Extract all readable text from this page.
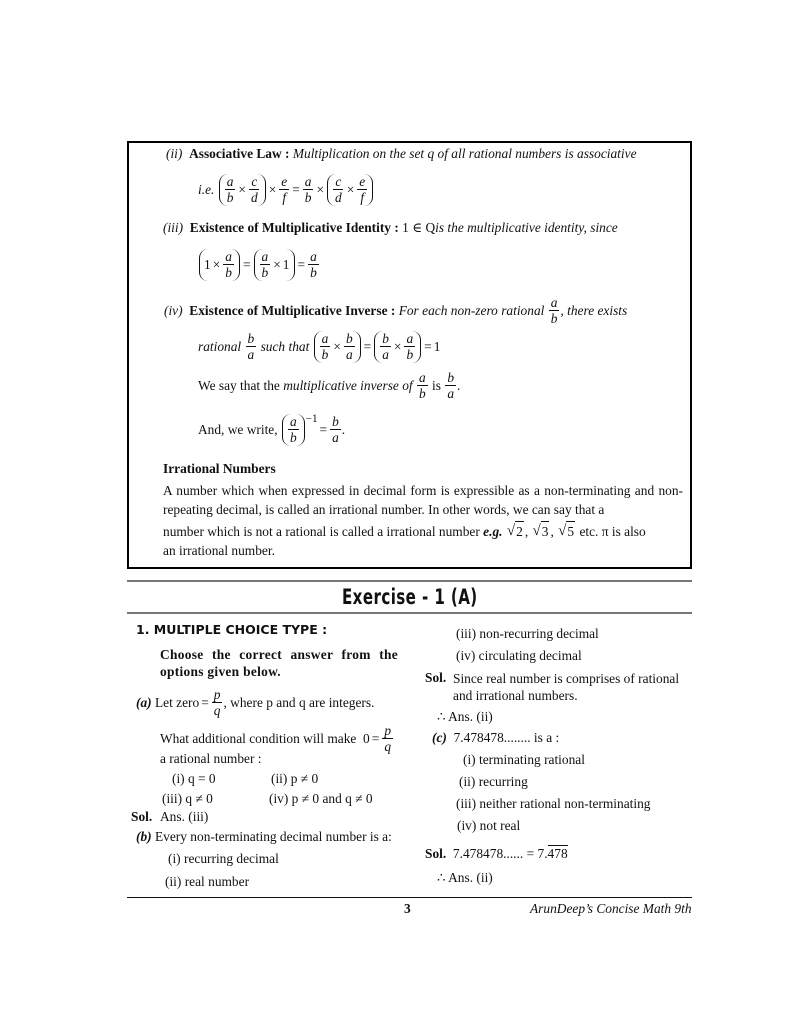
(ii)
Associative Law :
Multiplication on the set q of all rational numbers is associative
i.e.
$\frac{a}{b} \times \frac{c}{d} \times \frac{e}{f} = \frac{a}{b} \times \frac{c}{d} \times \frac{e}{f}$
(iii)
Existence of Multiplicative Identity :
1 ∈ Q is the multiplicative identity, since
$1 \times \frac{a}{b} = \frac{a}{b} \times 1 = \frac{a}{b}$
(iv)
Existence of Multiplicative Inverse :
For each non-zero rational
$\frac{a}{b}$ , there exists
rational
$\frac{b}{a}$
such that
$\frac{a}{b} \times \frac{b}{a} = \frac{b}{a} \times \frac{a}{b} = 1$
We say that the
multiplicative inverse of
$\frac{a}{b}$
is
$\frac{b}{a}$ .
And, we write,
$\frac{a}{b} ^{-1}$
= $\frac{b}{a}$ .
Irrational Numbers

A number which when expressed in decimal form is expressible as a non-terminating and non-repeating decimal, is called an irrational number. In other words, we can say that a

number which is not a rational is called a irrational number
e.g.
√ 2 , √ 3 , √ 5
etc. π is also

an irrational number.

Exercise - 1 (A)
1. MULTIPLE CHOICE TYPE :
Choose the correct answer from the options given below.
(a)
Let zero = $\frac{p}{q}$ , where p and q are integers.
What additional condition will make $0 = \frac{p}{q}$
a rational number :
(i) q = 0	(ii) p ≠ 0
(iii) q ≠ 0	(iv) p ≠ 0 and q ≠ 0
Sol. Ans. (iii)
(b)
Every non-terminating decimal number is a:
(i) recurring decimal
(ii) real number
(iii) non-recurring decimal
(iv) circulating decimal
Sol. Since real number is comprises of rational and irrational numbers.
∴ Ans. (ii)
(c)
7.478478........ is a :
(i) terminating rational
(ii) recurring
(iii) neither rational non-terminating
(iv) not real
Sol.
7.478478......
= 7. 478
∴ Ans. (ii)
3	ArunDeep’s Concise Math 9th
